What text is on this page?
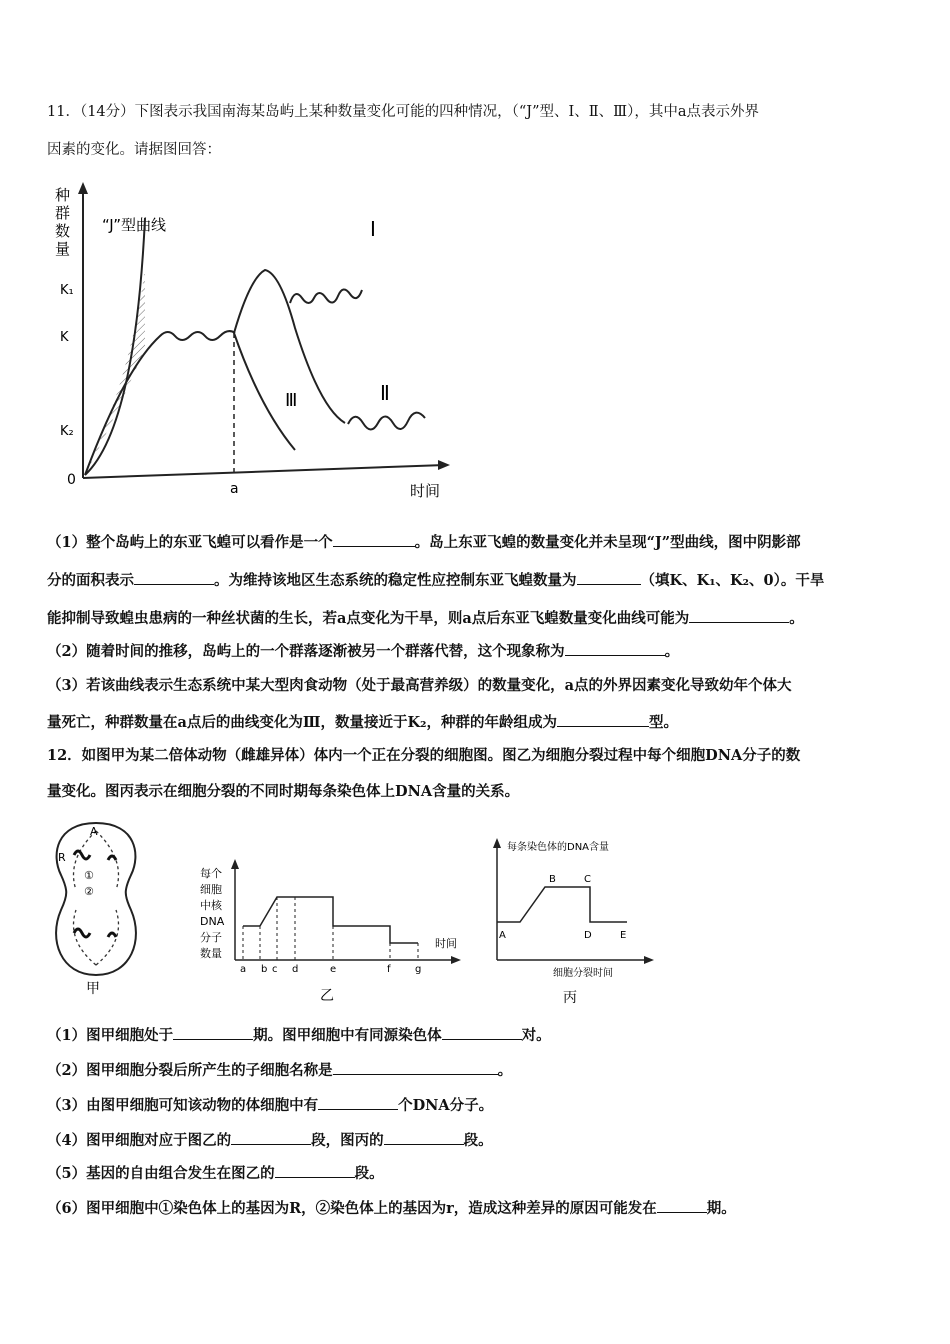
11．（14分）下图表示我国南海某岛屿上某种数量变化可能的四种情况，（“J”型、Ⅰ、Ⅱ、Ⅲ），其中a点表示外界
因素的变化。请据图回答：
种
群
数
量
K₁
K
K₂
0
a	时间
“J”型曲线	Ⅰ
Ⅲ	Ⅱ
（1）整个岛屿上的东亚飞蝗可以看作是一个	。岛上东亚飞蝗的数量变化并未呈现“J”型曲线，图中阴影部
分的面积表示	。为维持该地区生态系统的稳定性应控制东亚飞蝗数量为	（填K、K₁、K₂、0）。干旱
能抑制导致蝗虫患病的一种丝状菌的生长，若a点变化为干旱，则a点后东亚飞蝗数量变化曲线可能为	。
（2）随着时间的推移，岛屿上的一个群落逐渐被另一个群落代替，这个现象称为	。
（3）若该曲线表示生态系统中某大型肉食动物（处于最高营养级）的数量变化，a点的外界因素变化导致幼年个体大
量死亡，种群数量在a点后的曲线变化为Ⅲ，数量接近于K₂，种群的年龄组成为	型。
12．如图甲为某二倍体动物（雌雄异体）体内一个正在分裂的细胞图。图乙为细胞分裂过程中每个细胞DNA分子的数
量变化。图丙表示在细胞分裂的不同时期每条染色体上DNA含量的关系。
A
R
①
②
甲
每个
细胞
中核
DNA
分子
数量
时间
a b c d	e	f g
乙
每条染色体的DNA含量
A
B	C
D	E
细胞分裂时间
丙
（1）图甲细胞处于	期。图甲细胞中有同源染色体	对。
（2）图甲细胞分裂后所产生的子细胞名称是	。
（3）由图甲细胞可知该动物的体细胞中有	个DNA分子。
（4）图甲细胞对应于图乙的	段，图丙的	段。
（5）基因的自由组合发生在图乙的	段。
（6）图甲细胞中①染色体上的基因为R，②染色体上的基因为r，造成这种差异的原因可能发在	期。
